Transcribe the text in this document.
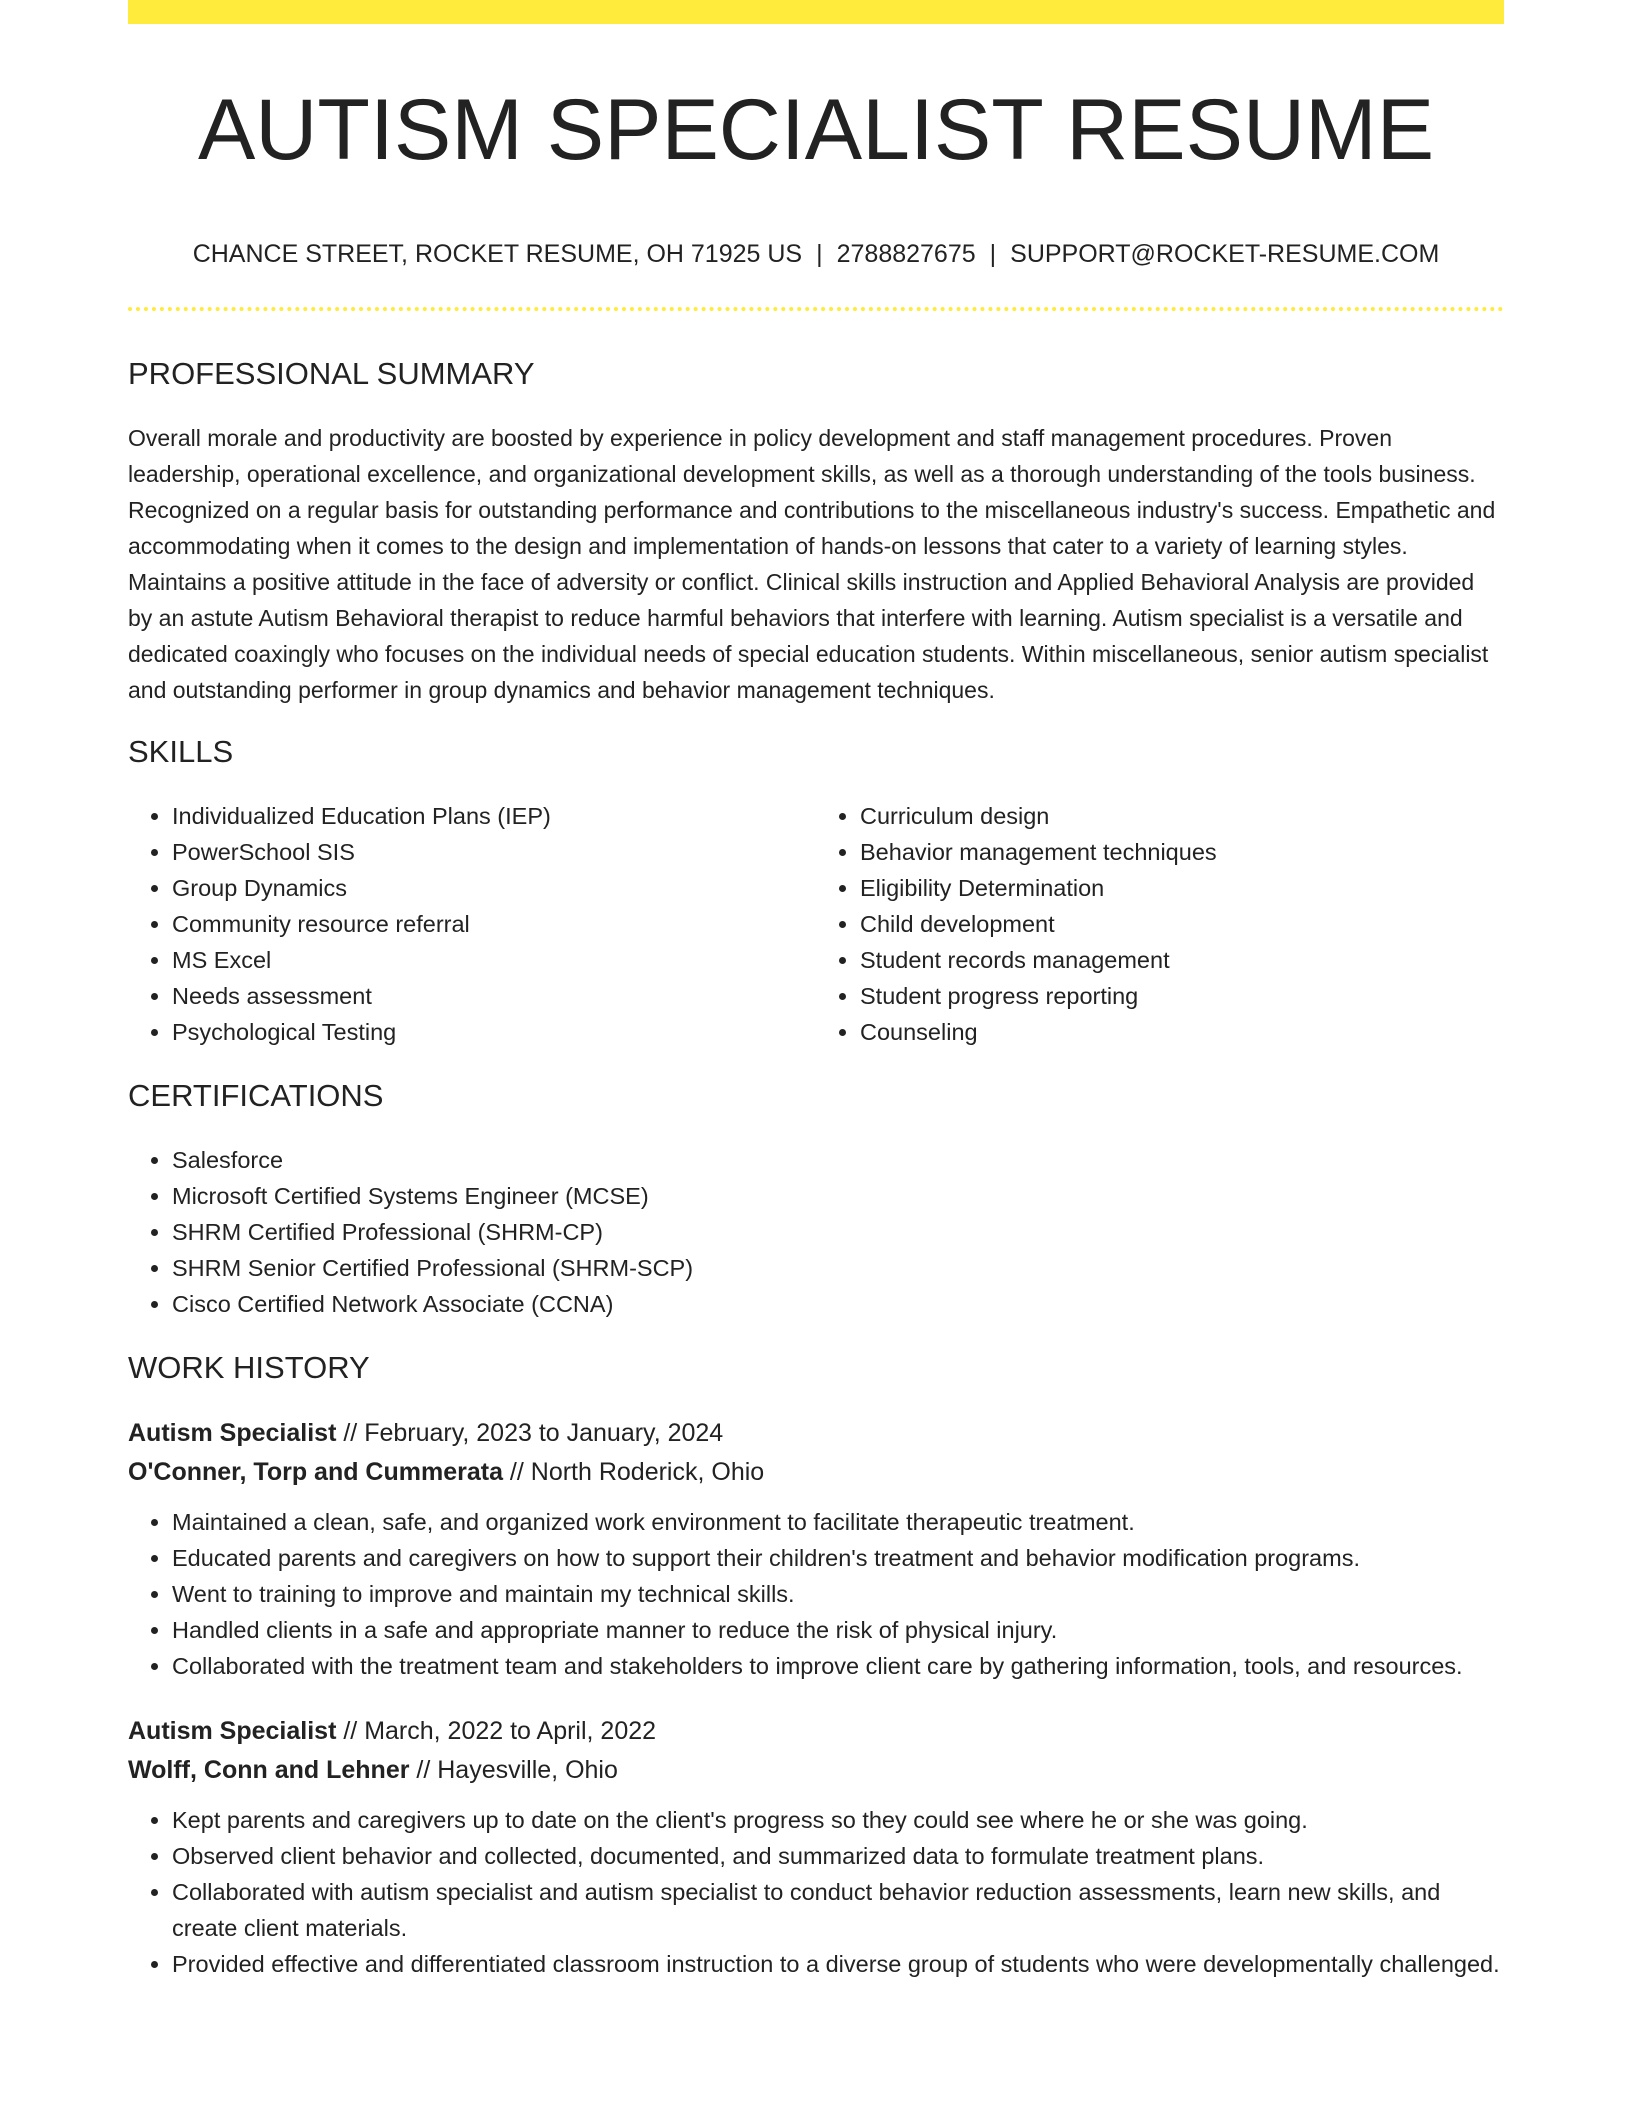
AUTISM SPECIALIST RESUME
CHANCE STREET, ROCKET RESUME, OH 71925 US | 2788827675 | SUPPORT@ROCKET-RESUME.COM
PROFESSIONAL SUMMARY

Overall morale and productivity are boosted by experience in policy development and staff management procedures. Proven leadership, operational excellence, and organizational development skills, as well as a thorough understanding of the tools business. Recognized on a regular basis for outstanding performance and contributions to the miscellaneous industry's success. Empathetic and accommodating when it comes to the design and implementation of hands-on lessons that cater to a variety of learning styles. Maintains a positive attitude in the face of adversity or conflict. Clinical skills instruction and Applied Behavioral Analysis are provided by an astute Autism Behavioral therapist to reduce harmful behaviors that interfere with learning. Autism specialist is a versatile and dedicated coaxingly who focuses on the individual needs of special education students. Within miscellaneous, senior autism specialist and outstanding performer in group dynamics and behavior management techniques.

SKILLS
• Individualized Education Plans (IEP)
• PowerSchool SIS
• Group Dynamics
• Community resource referral
• MS Excel
• Needs assessment
• Psychological Testing
• Curriculum design
• Behavior management techniques
• Eligibility Determination
• Child development
• Student records management
• Student progress reporting
• Counseling
CERTIFICATIONS
• Salesforce
• Microsoft Certified Systems Engineer (MCSE)
• SHRM Certified Professional (SHRM-CP)
• SHRM Senior Certified Professional (SHRM-SCP)
• Cisco Certified Network Associate (CCNA)
WORK HISTORY
Autism Specialist // February, 2023 to January, 2024
O'Conner, Torp and Cummerata // North Roderick, Ohio
• Maintained a clean, safe, and organized work environment to facilitate therapeutic treatment.
• Educated parents and caregivers on how to support their children's treatment and behavior modification programs.
• Went to training to improve and maintain my technical skills.
• Handled clients in a safe and appropriate manner to reduce the risk of physical injury.
• Collaborated with the treatment team and stakeholders to improve client care by gathering information, tools, and resources.
Autism Specialist // March, 2022 to April, 2022
Wolff, Conn and Lehner // Hayesville, Ohio
• Kept parents and caregivers up to date on the client's progress so they could see where he or she was going.
• Observed client behavior and collected, documented, and summarized data to formulate treatment plans.
• Collaborated with autism specialist and autism specialist to conduct behavior reduction assessments, learn new skills, and create client materials.
• Provided effective and differentiated classroom instruction to a diverse group of students who were developmentally challenged.
